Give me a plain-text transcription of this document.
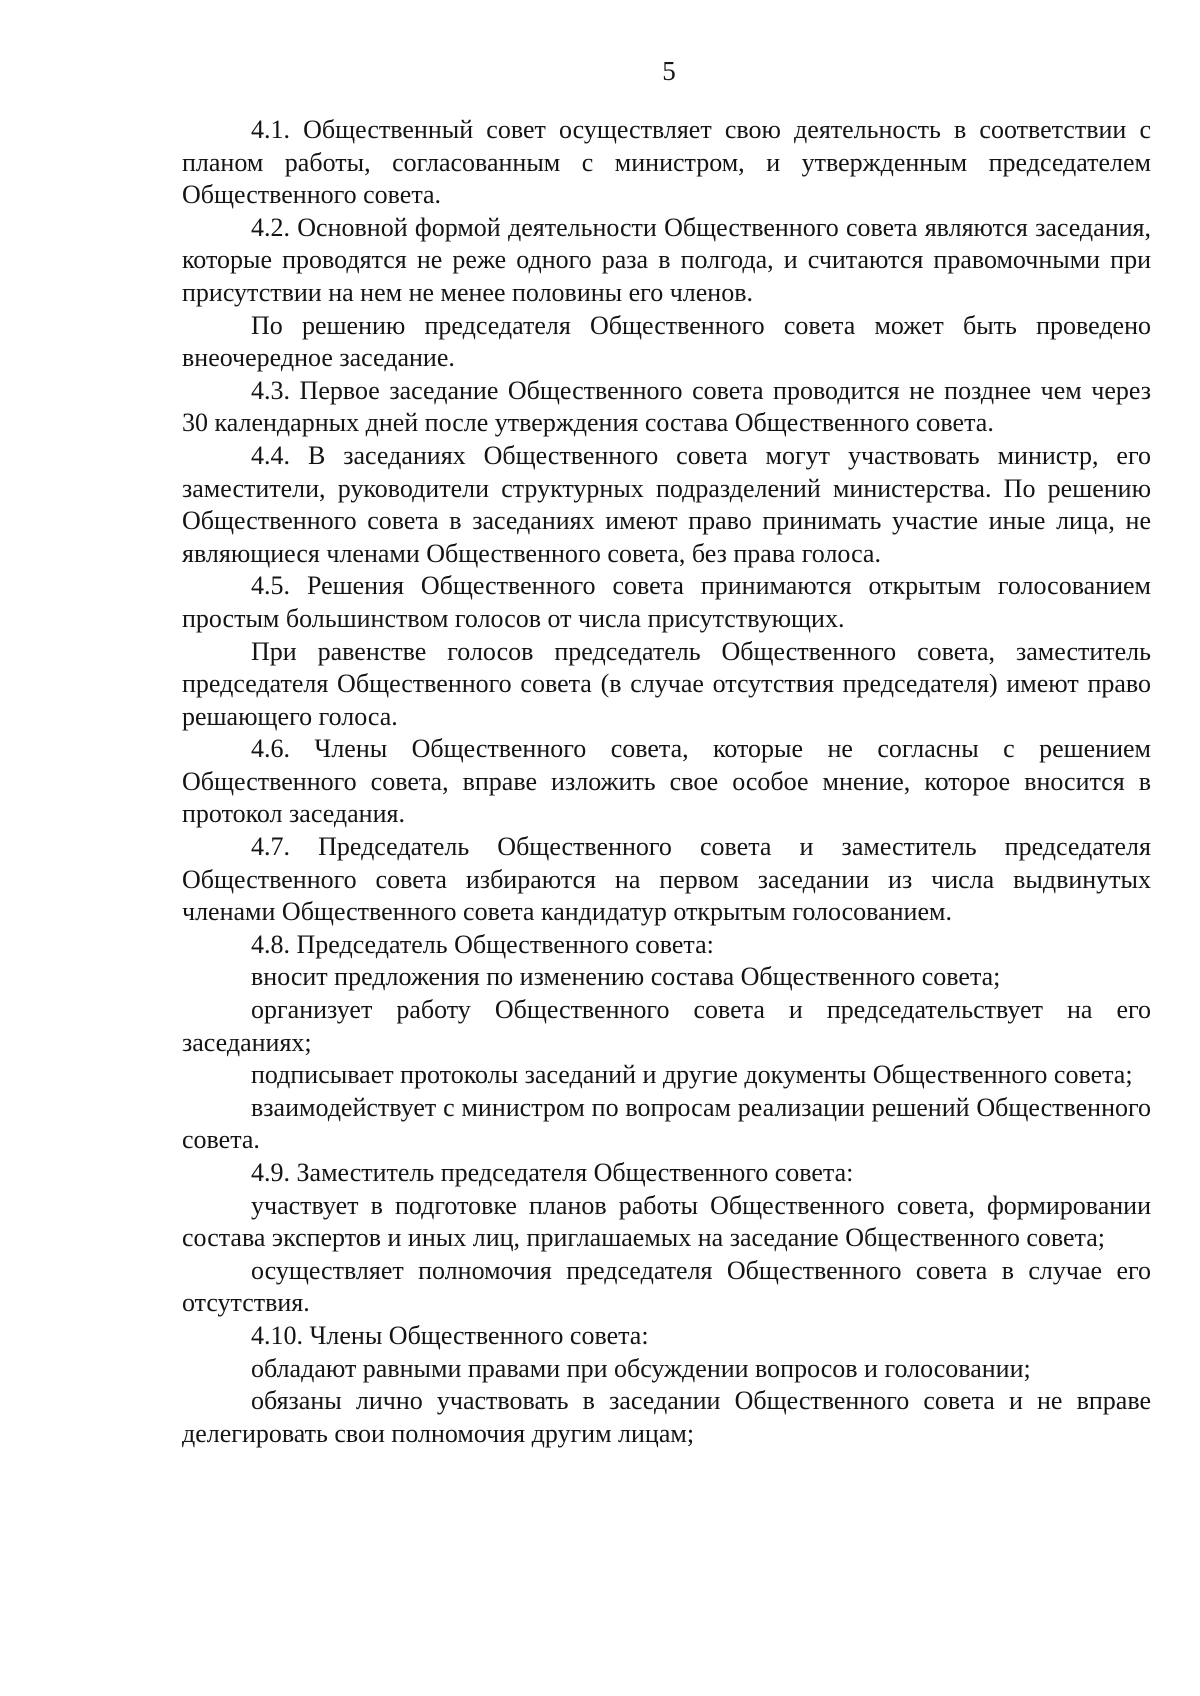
5

4.1. Общественный совет осуществляет свою деятельность в соответствии с планом работы, согласованным с министром, и утвержденным председателем Общественного совета.

4.2. Основной формой деятельности Общественного совета являются заседания, которые проводятся не реже одного раза в полгода, и считаются правомочными при присутствии на нем не менее половины его членов.

По решению председателя Общественного совета может быть проведено внеочередное заседание.

4.3. Первое заседание Общественного совета проводится не позднее чем через 30 календарных дней после утверждения состава Общественного совета.

4.4. В заседаниях Общественного совета могут участвовать министр, его заместители, руководители структурных подразделений министерства. По решению Общественного совета в заседаниях имеют право принимать участие иные лица, не являющиеся членами Общественного совета, без права голоса.

4.5. Решения Общественного совета принимаются открытым голосованием простым большинством голосов от числа присутствующих.

При равенстве голосов председатель Общественного совета, заместитель председателя Общественного совета (в случае отсутствия председателя) имеют право решающего голоса.

4.6. Члены Общественного совета, которые не согласны с решением Общественного совета, вправе изложить свое особое мнение, которое вносится в протокол заседания.

4.7. Председатель Общественного совета и заместитель председателя Общественного совета избираются на первом заседании из числа выдвинутых членами Общественного совета кандидатур открытым голосованием.

4.8. Председатель Общественного совета:

вносит предложения по изменению состава Общественного совета;

организует работу Общественного совета и председательствует на его заседаниях;

подписывает протоколы заседаний и другие документы Общественного совета;

взаимодействует с министром по вопросам реализации решений Общественного совета.

4.9. Заместитель председателя Общественного совета:

участвует в подготовке планов работы Общественного совета, формировании состава экспертов и иных лиц, приглашаемых на заседание Общественного совета;

осуществляет полномочия председателя Общественного совета в случае его отсутствия.

4.10. Члены Общественного совета:

обладают равными правами при обсуждении вопросов и голосовании;

обязаны лично участвовать в заседании Общественного совета и не вправе делегировать свои полномочия другим лицам;
